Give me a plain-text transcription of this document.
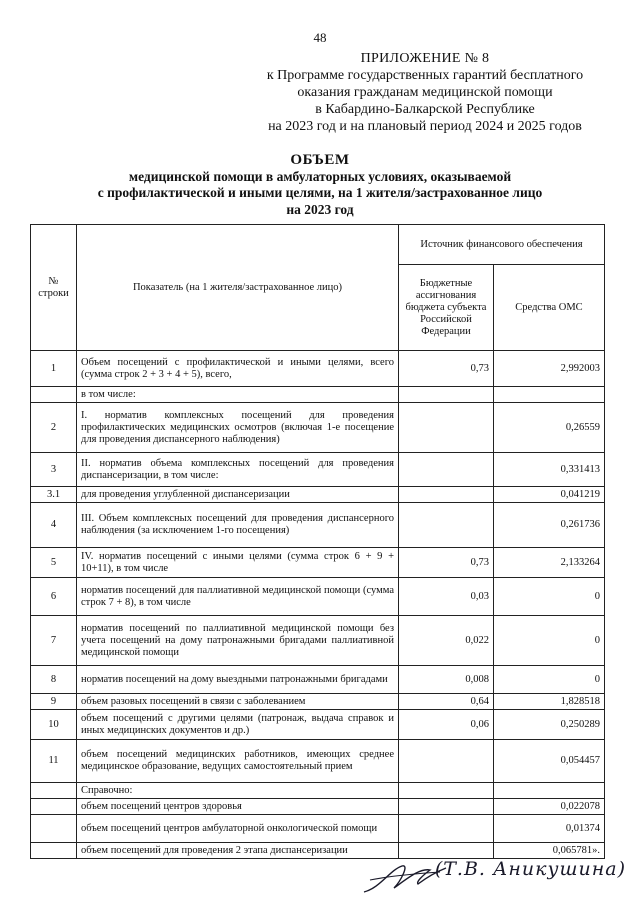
48
ПРИЛОЖЕНИЕ № 8
к Программе государственных гарантий бесплатного
оказания гражданам медицинской помощи
в Кабардино-Балкарской Республике
на 2023 год и на плановый период 2024 и 2025 годов
ОБЪЕМ
медицинской помощи в амбулаторных условиях, оказываемой
с профилактической и иными целями, на 1 жителя/застрахованное лицо
на 2023 год
№ строки	Показатель (на 1 жителя/застрахованное лицо)	Источник финансового обеспечения	
		Бюджетные ассигнования бюджета субъекта Российской Федерации	Средства ОМС
1	Объем посещений с профилактической и иными целями, всего (сумма строк 2 + 3 + 4 + 5), всего,	0,73	2,992003
	в том числе:		
2	I. норматив комплексных посещений для проведения профилактических медицинских осмотров (включая 1-е посещение для проведения диспансерного наблюдения)		0,26559
3	II. норматив объема комплексных посещений для проведения диспансеризации, в том числе:		0,331413
3.1	для проведения углубленной диспансеризации		0,041219
4	III. Объем комплексных посещений для проведения диспансерного наблюдения (за исключением 1-го посещения)		0,261736
5	IV. норматив посещений с иными целями (сумма строк 6 + 9 + 10+11), в том числе	0,73	2,133264
6	норматив посещений для паллиативной медицинской помощи (сумма строк 7 + 8), в том числе	0,03	0
7	норматив посещений по паллиативной медицинской помощи без учета посещений на дому патронажными бригадами паллиативной медицинской помощи	0,022	0
8	норматив посещений на дому выездными патронажными бригадами	0,008	0
9	объем разовых посещений в связи с заболеванием	0,64	1,828518
10	объем посещений с другими целями (патронаж, выдача справок и иных медицинских документов и др.)	0,06	0,250289
11	объем посещений медицинских работников, имеющих среднее медицинское образование, ведущих самостоятельный прием		0,054457
	Справочно:		
	объем посещений центров здоровья		0,022078
	объем посещений центров амбулаторной онкологической помощи		0,01374
	объем посещений для проведения 2 этапа диспансеризации		0,065781».
(Т.В. Аникушина)
